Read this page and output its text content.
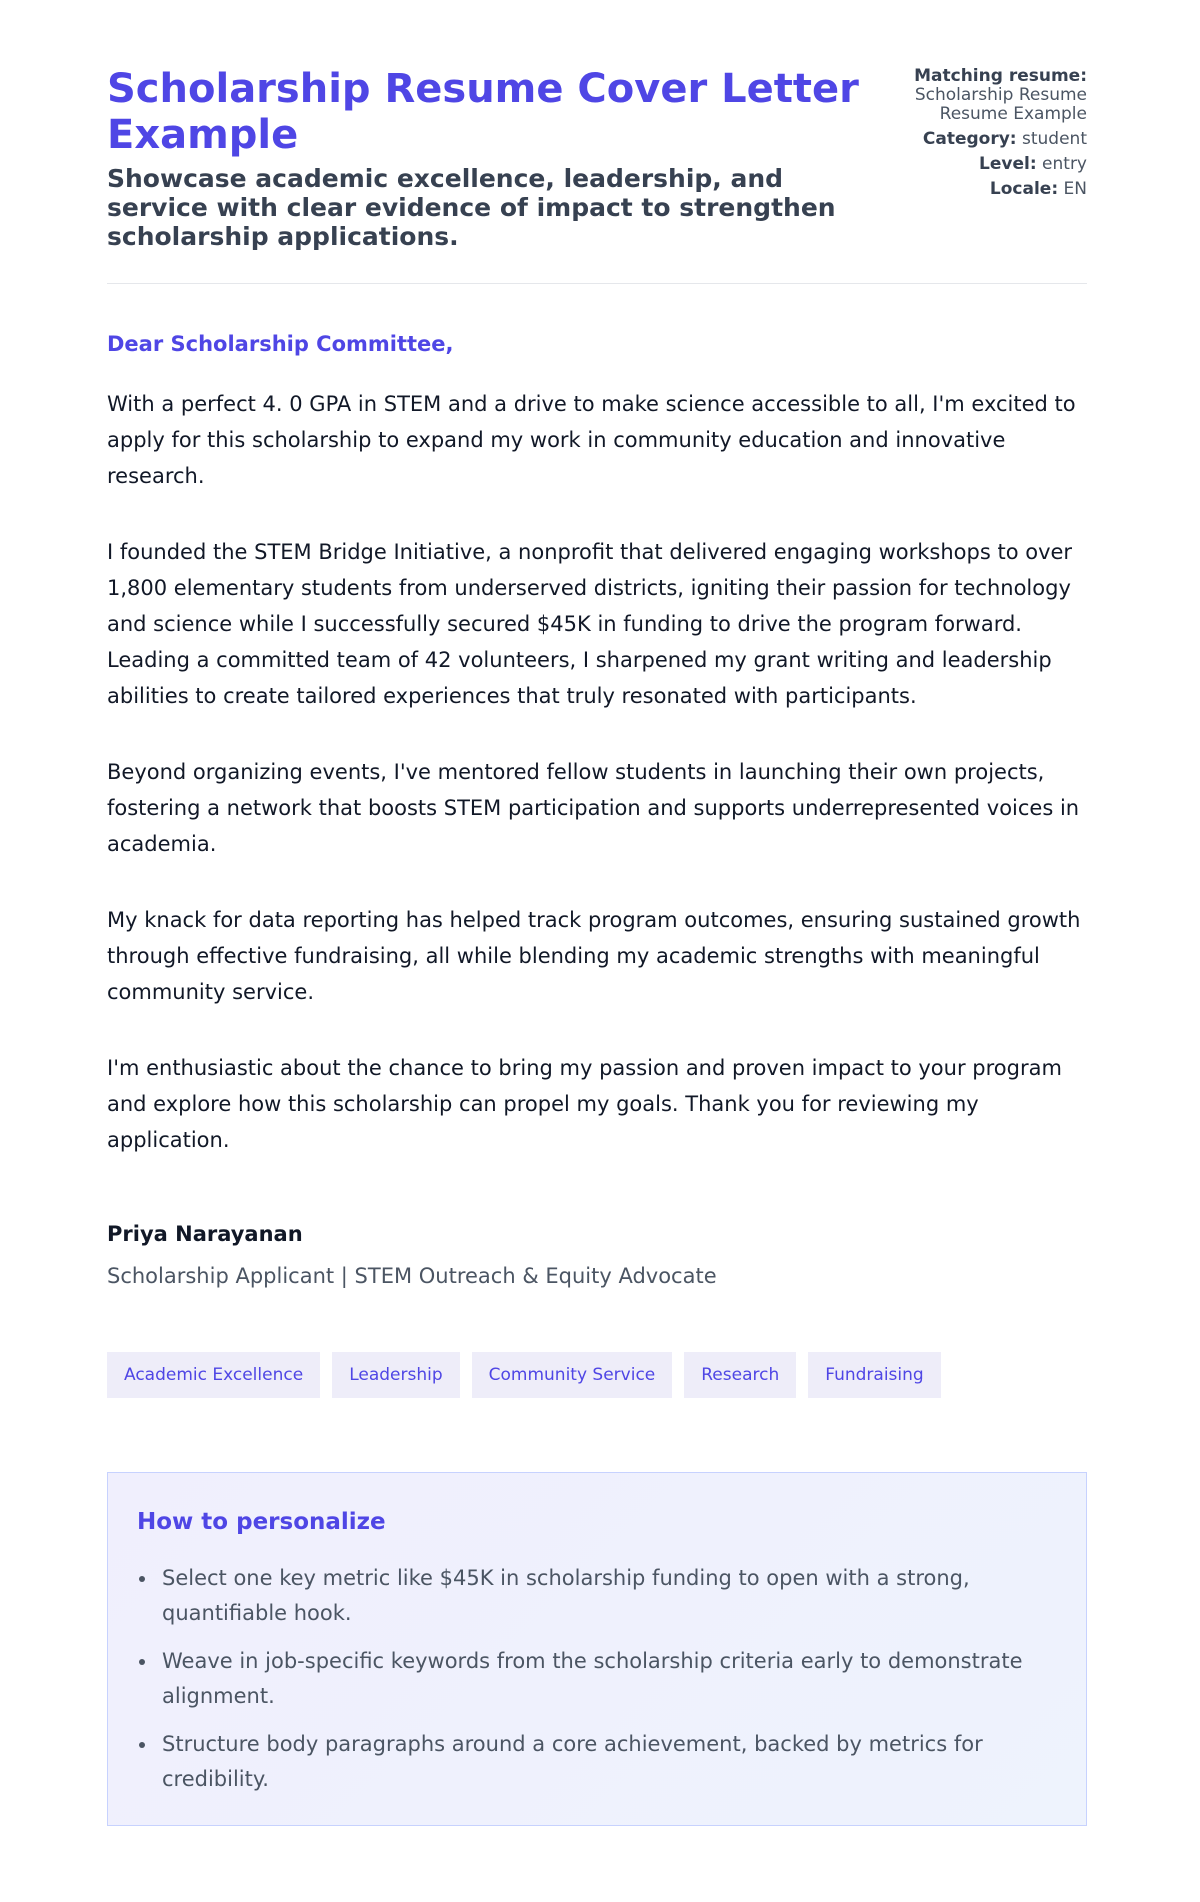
Scholarship Resume Cover Letter Example

Showcase academic excellence, leadership, and service with clear evidence of impact to strengthen scholarship applications.

Matching resume:
Scholarship Resume Resume Example
Category: student
Level: entry
Locale: EN

Dear Scholarship Committee,

With a perfect 4. 0 GPA in STEM and a drive to make science accessible to all, I'm excited to apply for this scholarship to expand my work in community education and innovative research.

I founded the STEM Bridge Initiative, a nonprofit that delivered engaging workshops to over 1,800 elementary students from underserved districts, igniting their passion for technology and science while I successfully secured $45K in funding to drive the program forward. Leading a committed team of 42 volunteers, I sharpened my grant writing and leadership abilities to create tailored experiences that truly resonated with participants.

Beyond organizing events, I've mentored fellow students in launching their own projects, fostering a network that boosts STEM participation and supports underrepresented voices in academia.

My knack for data reporting has helped track program outcomes, ensuring sustained growth through effective fundraising, all while blending my academic strengths with meaningful community service.

I'm enthusiastic about the chance to bring my passion and proven impact to your program and explore how this scholarship can propel my goals. Thank you for reviewing my application.

Priya Narayanan

Scholarship Applicant | STEM Outreach & Equity Advocate

Academic Excellence	Leadership	Community Service	Research	Fundraising
How to personalize
Select one key metric like $45K in scholarship funding to open with a strong, quantifiable hook.
Weave in job-specific keywords from the scholarship criteria early to demonstrate alignment.
Structure body paragraphs around a core achievement, backed by metrics for credibility.
